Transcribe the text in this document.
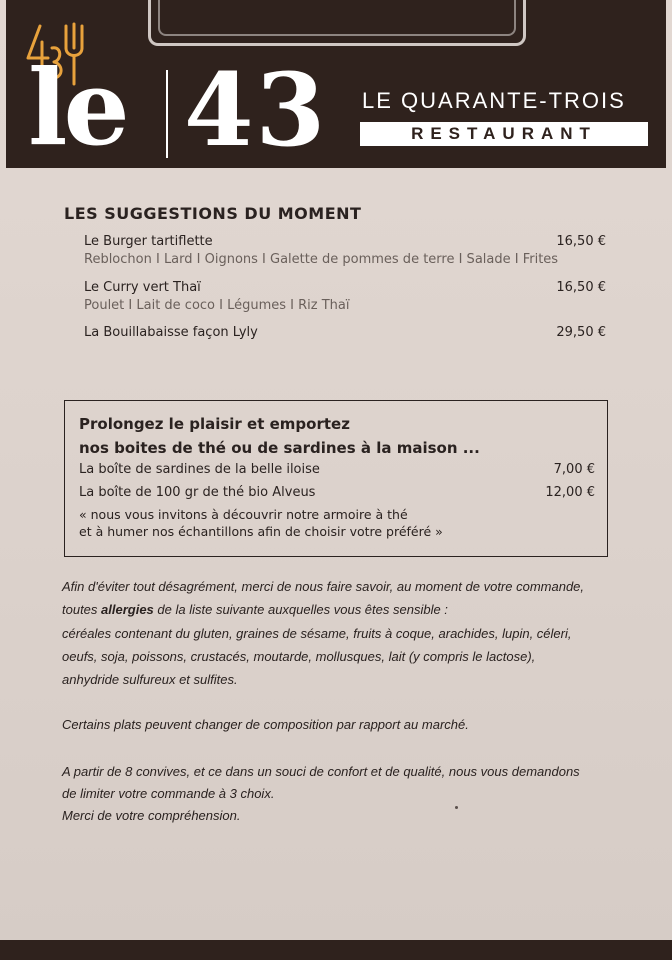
le 43 LE QUARANTE-TROIS
RESTAURANT
LES SUGGESTIONS DU MOMENT
Le Burger tartiflette	16,50 €
Reblochon I Lard I Oignons I Galette de pommes de terre I Salade I Frites
Le Curry vert Thaï	16,50 €
Poulet I Lait de coco I Légumes I Riz Thaï
La Bouillabaisse façon Lyly	29,50 €
Prolongez le plaisir et emportez
nos boites de thé ou de sardines à la maison ...
La boîte de sardines de la belle iloise	7,00 €
La boîte de 100 gr de thé bio Alveus	12,00 €
« nous vous invitons à découvrir notre armoire à thé
et à humer nos échantillons afin de choisir votre préféré »
Afin d'éviter tout désagrément, merci de nous faire savoir, au moment de votre commande,
toutes allergies de la liste suivante auxquelles vous êtes sensible :
céréales contenant du gluten, graines de sésame, fruits à coque, arachides, lupin, céleri,
oeufs, soja, poissons, crustacés, moutarde, mollusques, lait (y compris le lactose),
anhydride sulfureux et sulfites.
Certains plats peuvent changer de composition par rapport au marché.
A partir de 8 convives, et ce dans un souci de confort et de qualité, nous vous demandons
de limiter votre commande à 3 choix.
Merci de votre compréhension.
